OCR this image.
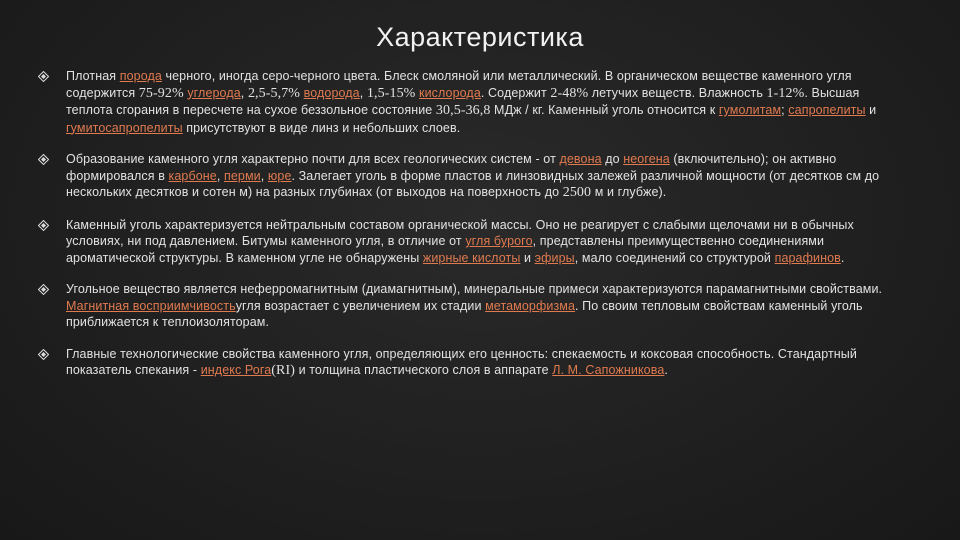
Характеристика
Плотная порода черного, иногда серо-черного цвета. Блеск смоляной или металлический. В органическом веществе каменного угля содержится 75-92% углерода, 2,5-5,7% водорода, 1,5-15% кислорода. Содержит 2-48% летучих веществ. Влажность 1-12%. Высшая теплота сгорания в пересчете на сухое беззольное состояние 30,5-36,8 МДж / кг. Каменный уголь относится к гумолитам; сапропелиты и гумитосапропелиты присутствуют в виде линз и небольших слоев.
Образование каменного угля характерно почти для всех геологических систем - от девона до неогена (включительно); он активно формировался в карбоне, перми, юре. Залегает уголь в форме пластов и линзовидных залежей различной мощности (от десятков см до нескольких десятков и сотен м) на разных глубинах (от выходов на поверхность до 2500 м и глубже).
Каменный уголь характеризуется нейтральным составом органической массы. Оно не реагирует с слабыми щелочами ни в обычных условиях, ни под давлением. Битумы каменного угля, в отличие от угля бурого, представлены преимущественно соединениями ароматической структуры. В каменном угле не обнаружены жирные кислоты и эфиры, мало соединений со структурой парафинов.
Угольное вещество является неферромагнитным (диамагнитным), минеральные примеси характеризуются парамагнитными свойствами. Магнитная восприимчивостьугля возрастает с увеличением их стадии метаморфизма. По своим тепловым свойствам каменный уголь приближается к теплоизоляторам.
Главные технологические свойства каменного угля, определяющих его ценность: спекаемость и коксовая способность. Стандартный показатель спекания - индекс Рога(RI) и толщина пластического слоя в аппарате Л. М. Сапожникова.
